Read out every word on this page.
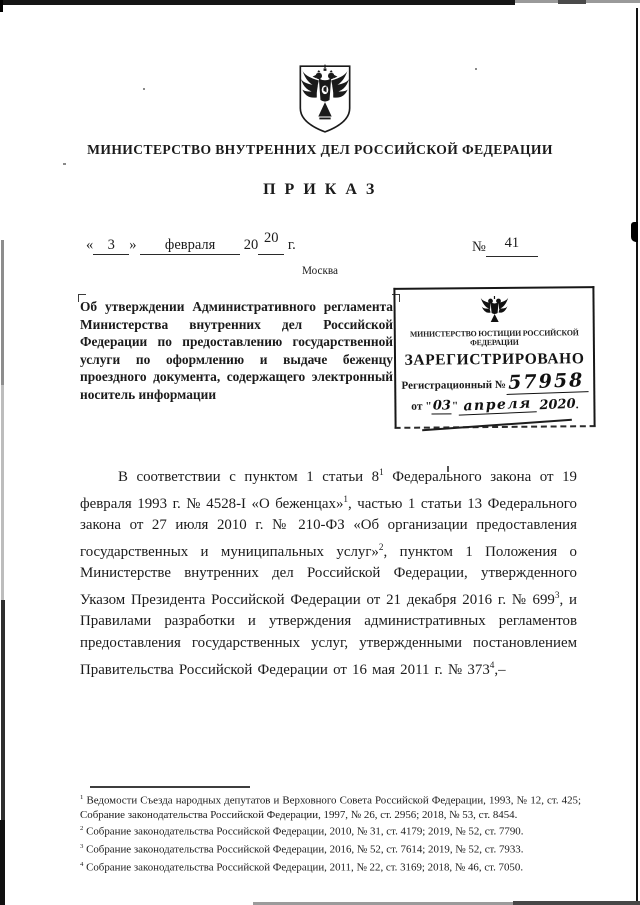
МИНИСТЕРСТВО ВНУТРЕННИХ ДЕЛ РОССИЙСКОЙ ФЕДЕРАЦИИ
П Р И К А З
« 3 » февраля 20 20 г.	№ 41
Москва
Об утверждении Административного регламента Министерства внутренних дел Российской Федерации по предоставлению государственной услуги по оформлению и выдаче беженцу проездного документа, содержащего электронный носитель информации
МИНИСТЕРСТВО ЮСТИЦИИ РОССИЙСКОЙ ФЕДЕРАЦИИ
ЗАРЕГИСТРИРОВАНО
Регистрационный №57958
от "03" апреля 2020.
В соответствии с пунктом 1 статьи $8^1$ Федерального закона от 19 февраля 1993 г. № 4528-I «О беженцах»$^1$, частью 1 статьи 13 Федерального закона от 27 июля 2010 г. № 210-ФЗ «Об организации предоставления государственных и муниципальных услуг»$^2$, пунктом 1 Положения о Министерстве внутренних дел Российской Федерации, утвержденного Указом Президента Российской Федерации от 21 декабря 2016 г. № $699^3$, и Правилами разработки и утверждения административных регламентов предоставления государственных услуг, утвержденными постановлением Правительства Российской Федерации от 16 мая 2011 г. № $373^4,-$
$^1$ Ведомости Съезда народных депутатов и Верховного Совета Российской Федерации, 1993, № 12, ст. 425; Собрание законодательства Российской Федерации, 1997, № 26, ст. 2956; 2018, № 53, ст. 8454.
$^2$ Собрание законодательства Российской Федерации, 2010, № 31, ст. 4179; 2019, № 52, ст. 7790.
$^3$ Собрание законодательства Российской Федерации, 2016, № 52, ст. 7614; 2019, № 52, ст. 7933.
$^4$ Собрание законодательства Российской Федерации, 2011, № 22, ст. 3169; 2018, № 46, ст. 7050.
